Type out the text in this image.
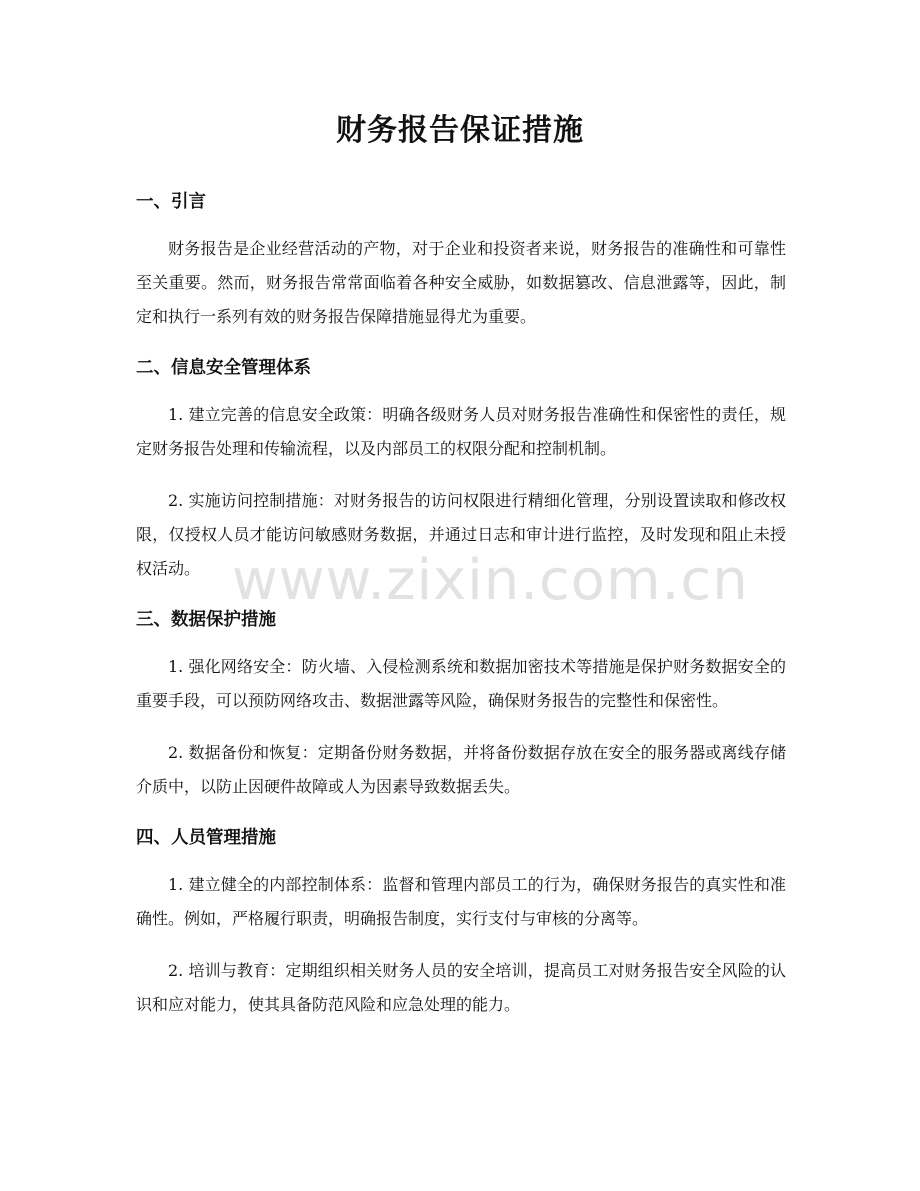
财务报告保证措施
一、引言

财务报告是企业经营活动的产物，对于企业和投资者来说，财务报告的准确性和可靠性至关重要。然而，财务报告常常面临着各种安全威胁，如数据篡改、信息泄露等，因此，制定和执行一系列有效的财务报告保障措施显得尤为重要。

二、信息安全管理体系

1. 建立完善的信息安全政策：明确各级财务人员对财务报告准确性和保密性的责任，规定财务报告处理和传输流程，以及内部员工的权限分配和控制机制。

2. 实施访问控制措施：对财务报告的访问权限进行精细化管理，分别设置读取和修改权限，仅授权人员才能访问敏感财务数据，并通过日志和审计进行监控，及时发现和阻止未授权活动。

三、数据保护措施

1. 强化网络安全：防火墙、入侵检测系统和数据加密技术等措施是保护财务数据安全的重要手段，可以预防网络攻击、数据泄露等风险，确保财务报告的完整性和保密性。

2. 数据备份和恢复：定期备份财务数据，并将备份数据存放在安全的服务器或离线存储介质中，以防止因硬件故障或人为因素导致数据丢失。

四、人员管理措施

1. 建立健全的内部控制体系：监督和管理内部员工的行为，确保财务报告的真实性和准确性。例如，严格履行职责，明确报告制度，实行支付与审核的分离等。

2. 培训与教育：定期组织相关财务人员的安全培训，提高员工对财务报告安全风险的认识和应对能力，使其具备防范风险和应急处理的能力。

www.zixin.com.cn
